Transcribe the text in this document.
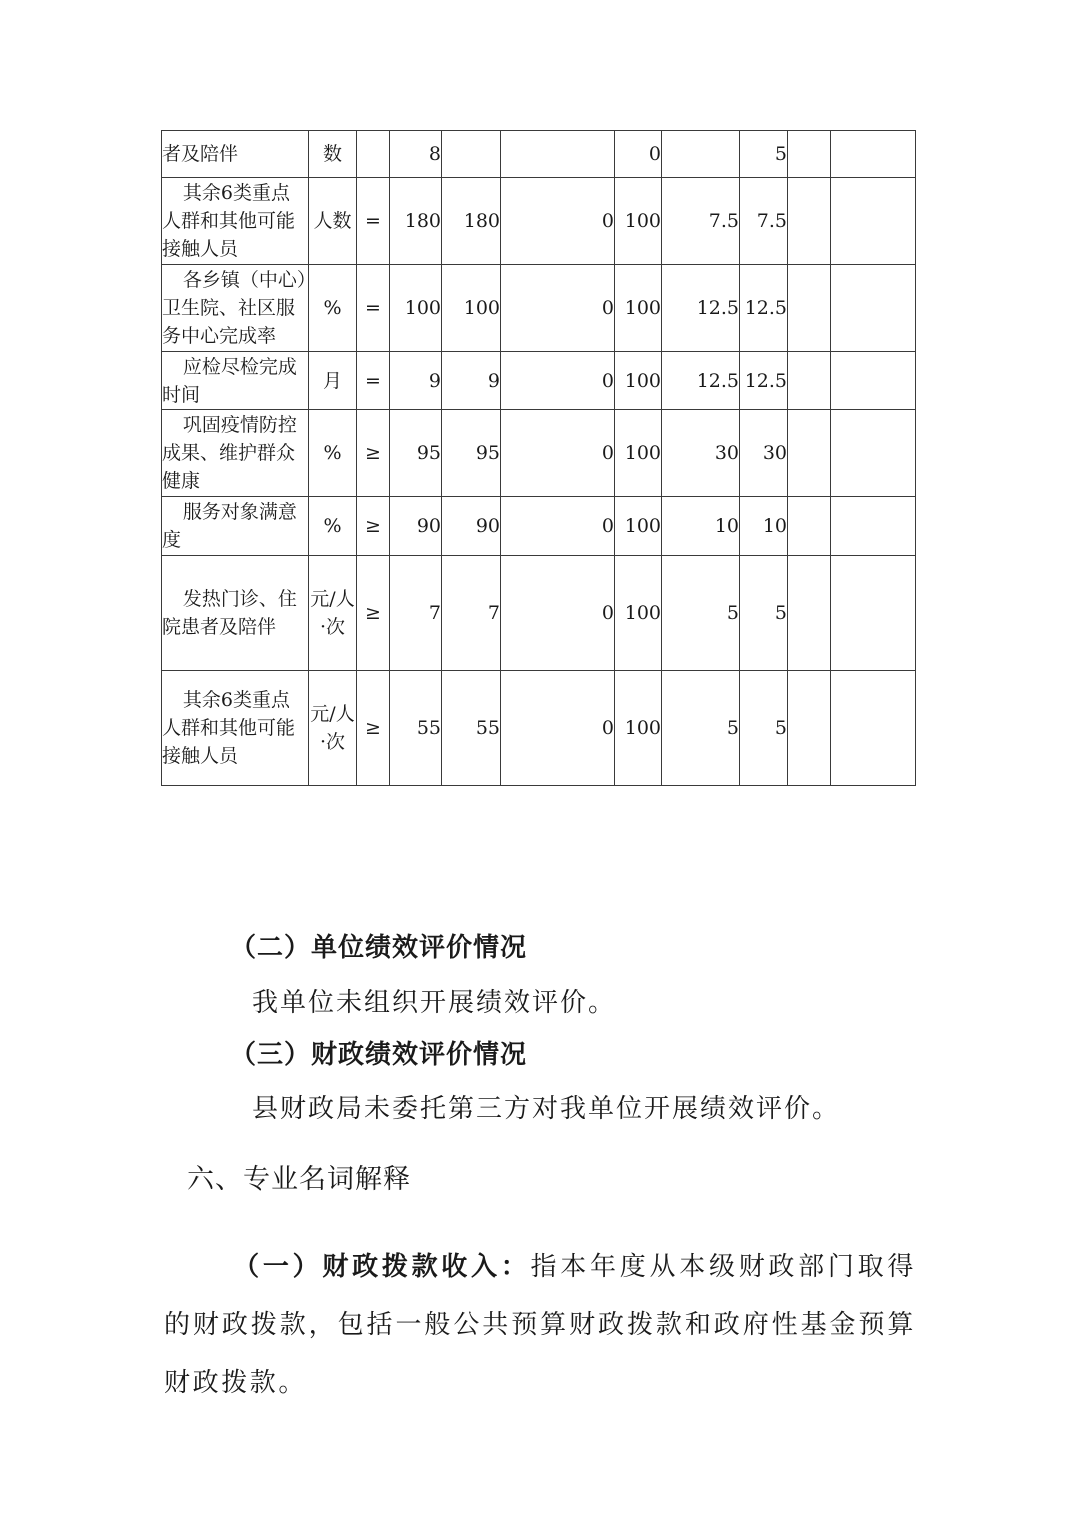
者及陪伴	数		8			0		5		

其余6类重点人群和其他可能接触人员	人数	=	180	180	0	100	7.5	7.5		

各乡镇（中心）卫生院、社区服务中心完成率	%	=	100	100	0	100	12.5	12.5		

应检尽检完成时间	月	=	9	9	0	100	12.5	12.5		

巩固疫情防控成果、维护群众健康	%	≥	95	95	0	100	30	30		

服务对象满意度	%	≥	90	90	0	100	10	10		

发热门诊、住院患者及陪伴	元/人·次	≥	7	7	0	100	5	5		

其余6类重点人群和其他可能接触人员	元/人·次	≥	55	55	0	100	5	5		
（二）单位绩效评价情况
我单位未组织开展绩效评价。
（三）财政绩效评价情况
县财政局未委托第三方对我单位开展绩效评价。
六、专业名词解释
（一）财政拨款收入：指本年度从本级财政部门取得的财政拨款，包括一般公共预算财政拨款和政府性基金预算财政拨款。
